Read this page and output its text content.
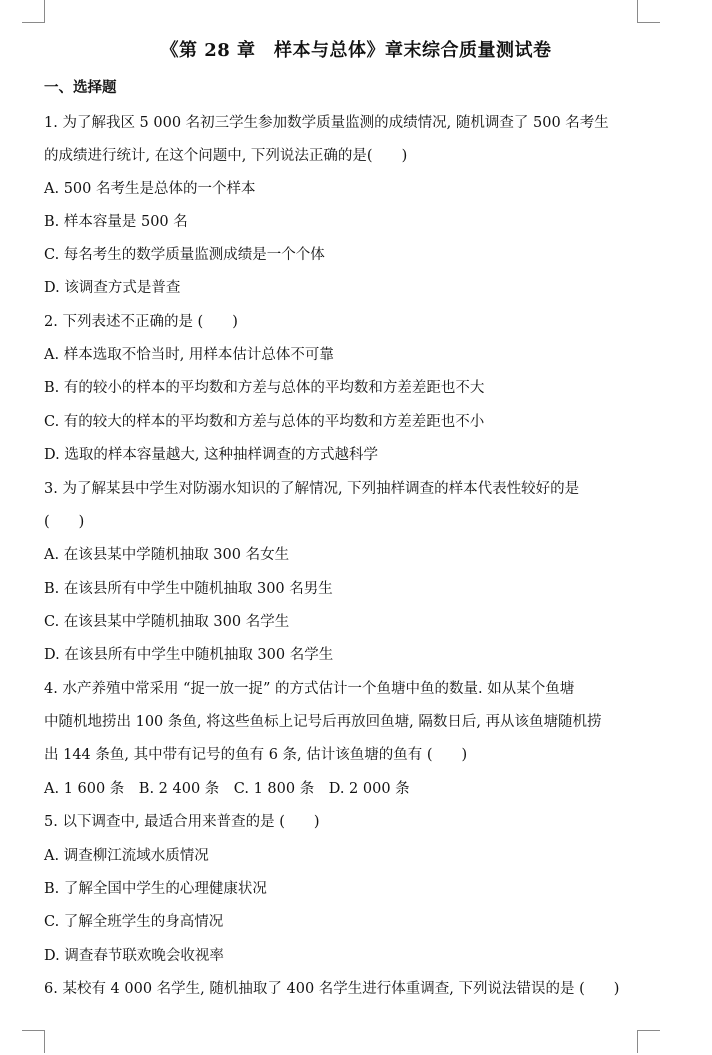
《第 28 章　样本与总体》章末综合质量测试卷
一、选择题
1. 为了解我区 5 000 名初三学生参加数学质量监测的成绩情况, 随机调查了 500 名考生
的成绩进行统计, 在这个问题中, 下列说法正确的是(　　)
A. 500 名考生是总体的一个样本
B. 样本容量是 500 名
C. 每名考生的数学质量监测成绩是一个个体
D. 该调查方式是普查
2. 下列表述不正确的是 (　　)
A. 样本选取不恰当时, 用样本估计总体不可靠
B. 有的较小的样本的平均数和方差与总体的平均数和方差差距也不大
C. 有的较大的样本的平均数和方差与总体的平均数和方差差距也不小
D. 选取的样本容量越大, 这种抽样调查的方式越科学
3. 为了解某县中学生对防溺水知识的了解情况, 下列抽样调查的样本代表性较好的是
(　　)
A. 在该县某中学随机抽取 300 名女生
B. 在该县所有中学生中随机抽取 300 名男生
C. 在该县某中学随机抽取 300 名学生
D. 在该县所有中学生中随机抽取 300 名学生
4. 水产养殖中常采用 “捉一放一捉” 的方式估计一个鱼塘中鱼的数量. 如从某个鱼塘
中随机地捞出 100 条鱼, 将这些鱼标上记号后再放回鱼塘, 隔数日后, 再从该鱼塘随机捞
出 144 条鱼, 其中带有记号的鱼有 6 条, 估计该鱼塘的鱼有 (　　)
A. 1 600 条　B. 2 400 条　C. 1 800 条　D. 2 000 条
5. 以下调查中, 最适合用来普查的是 (　　)
A. 调查柳江流域水质情况
B. 了解全国中学生的心理健康状况
C. 了解全班学生的身高情况
D. 调查春节联欢晚会收视率
6. 某校有 4 000 名学生, 随机抽取了 400 名学生进行体重调查, 下列说法错误的是 (　　)
